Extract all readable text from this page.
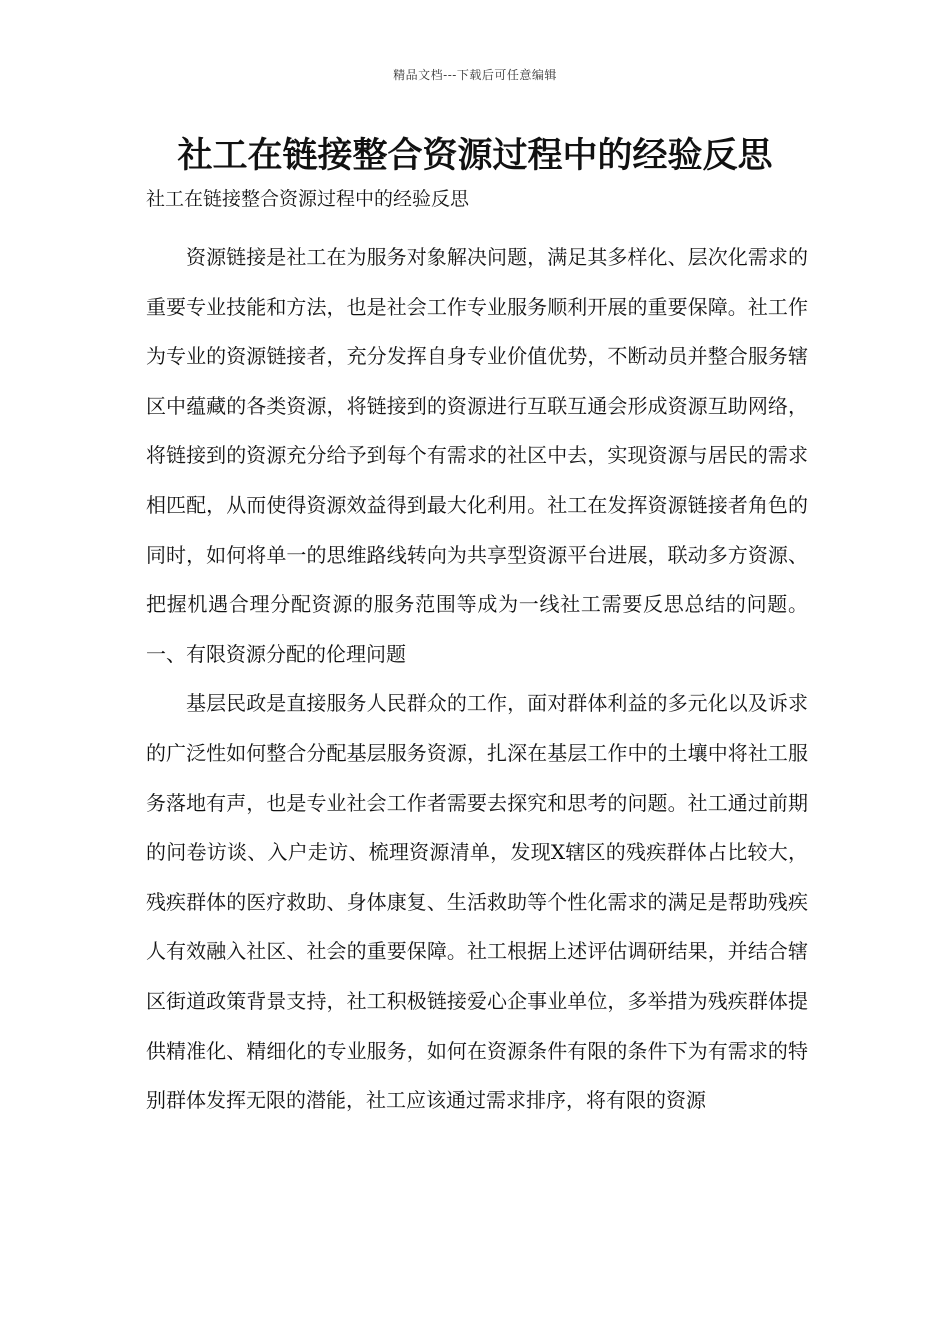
精品文档---下载后可任意编辑
社工在链接整合资源过程中的经验反思
社工在链接整合资源过程中的经验反思

资源链接是社工在为服务对象解决问题，满足其多样化、层次化需求的重要专业技能和方法，也是社会工作专业服务顺利开展的重要保障。社工作为专业的资源链接者，充分发挥自身专业价值优势，不断动员并整合服务辖区中蕴藏的各类资源，将链接到的资源进行互联互通会形成资源互助网络，将链接到的资源充分给予到每个有需求的社区中去，实现资源与居民的需求相匹配，从而使得资源效益得到最大化利用。社工在发挥资源链接者角色的同时，如何将单一的思维路线转向为共享型资源平台进展，联动多方资源、把握机遇合理分配资源的服务范围等成为一线社工需要反思总结的问题。一、有限资源分配的伦理问题

基层民政是直接服务人民群众的工作，面对群体利益的多元化以及诉求的广泛性如何整合分配基层服务资源，扎深在基层工作中的土壤中将社工服务落地有声，也是专业社会工作者需要去探究和思考的问题。社工通过前期的问卷访谈、入户走访、梳理资源清单，发现X辖区的残疾群体占比较大，残疾群体的医疗救助、身体康复、生活救助等个性化需求的满足是帮助残疾人有效融入社区、社会的重要保障。社工根据上述评估调研结果，并结合辖区街道政策背景支持，社工积极链接爱心企事业单位，多举措为残疾群体提供精准化、精细化的专业服务，如何在资源条件有限的条件下为有需求的特别群体发挥无限的潜能，社工应该通过需求排序，将有限的资源
